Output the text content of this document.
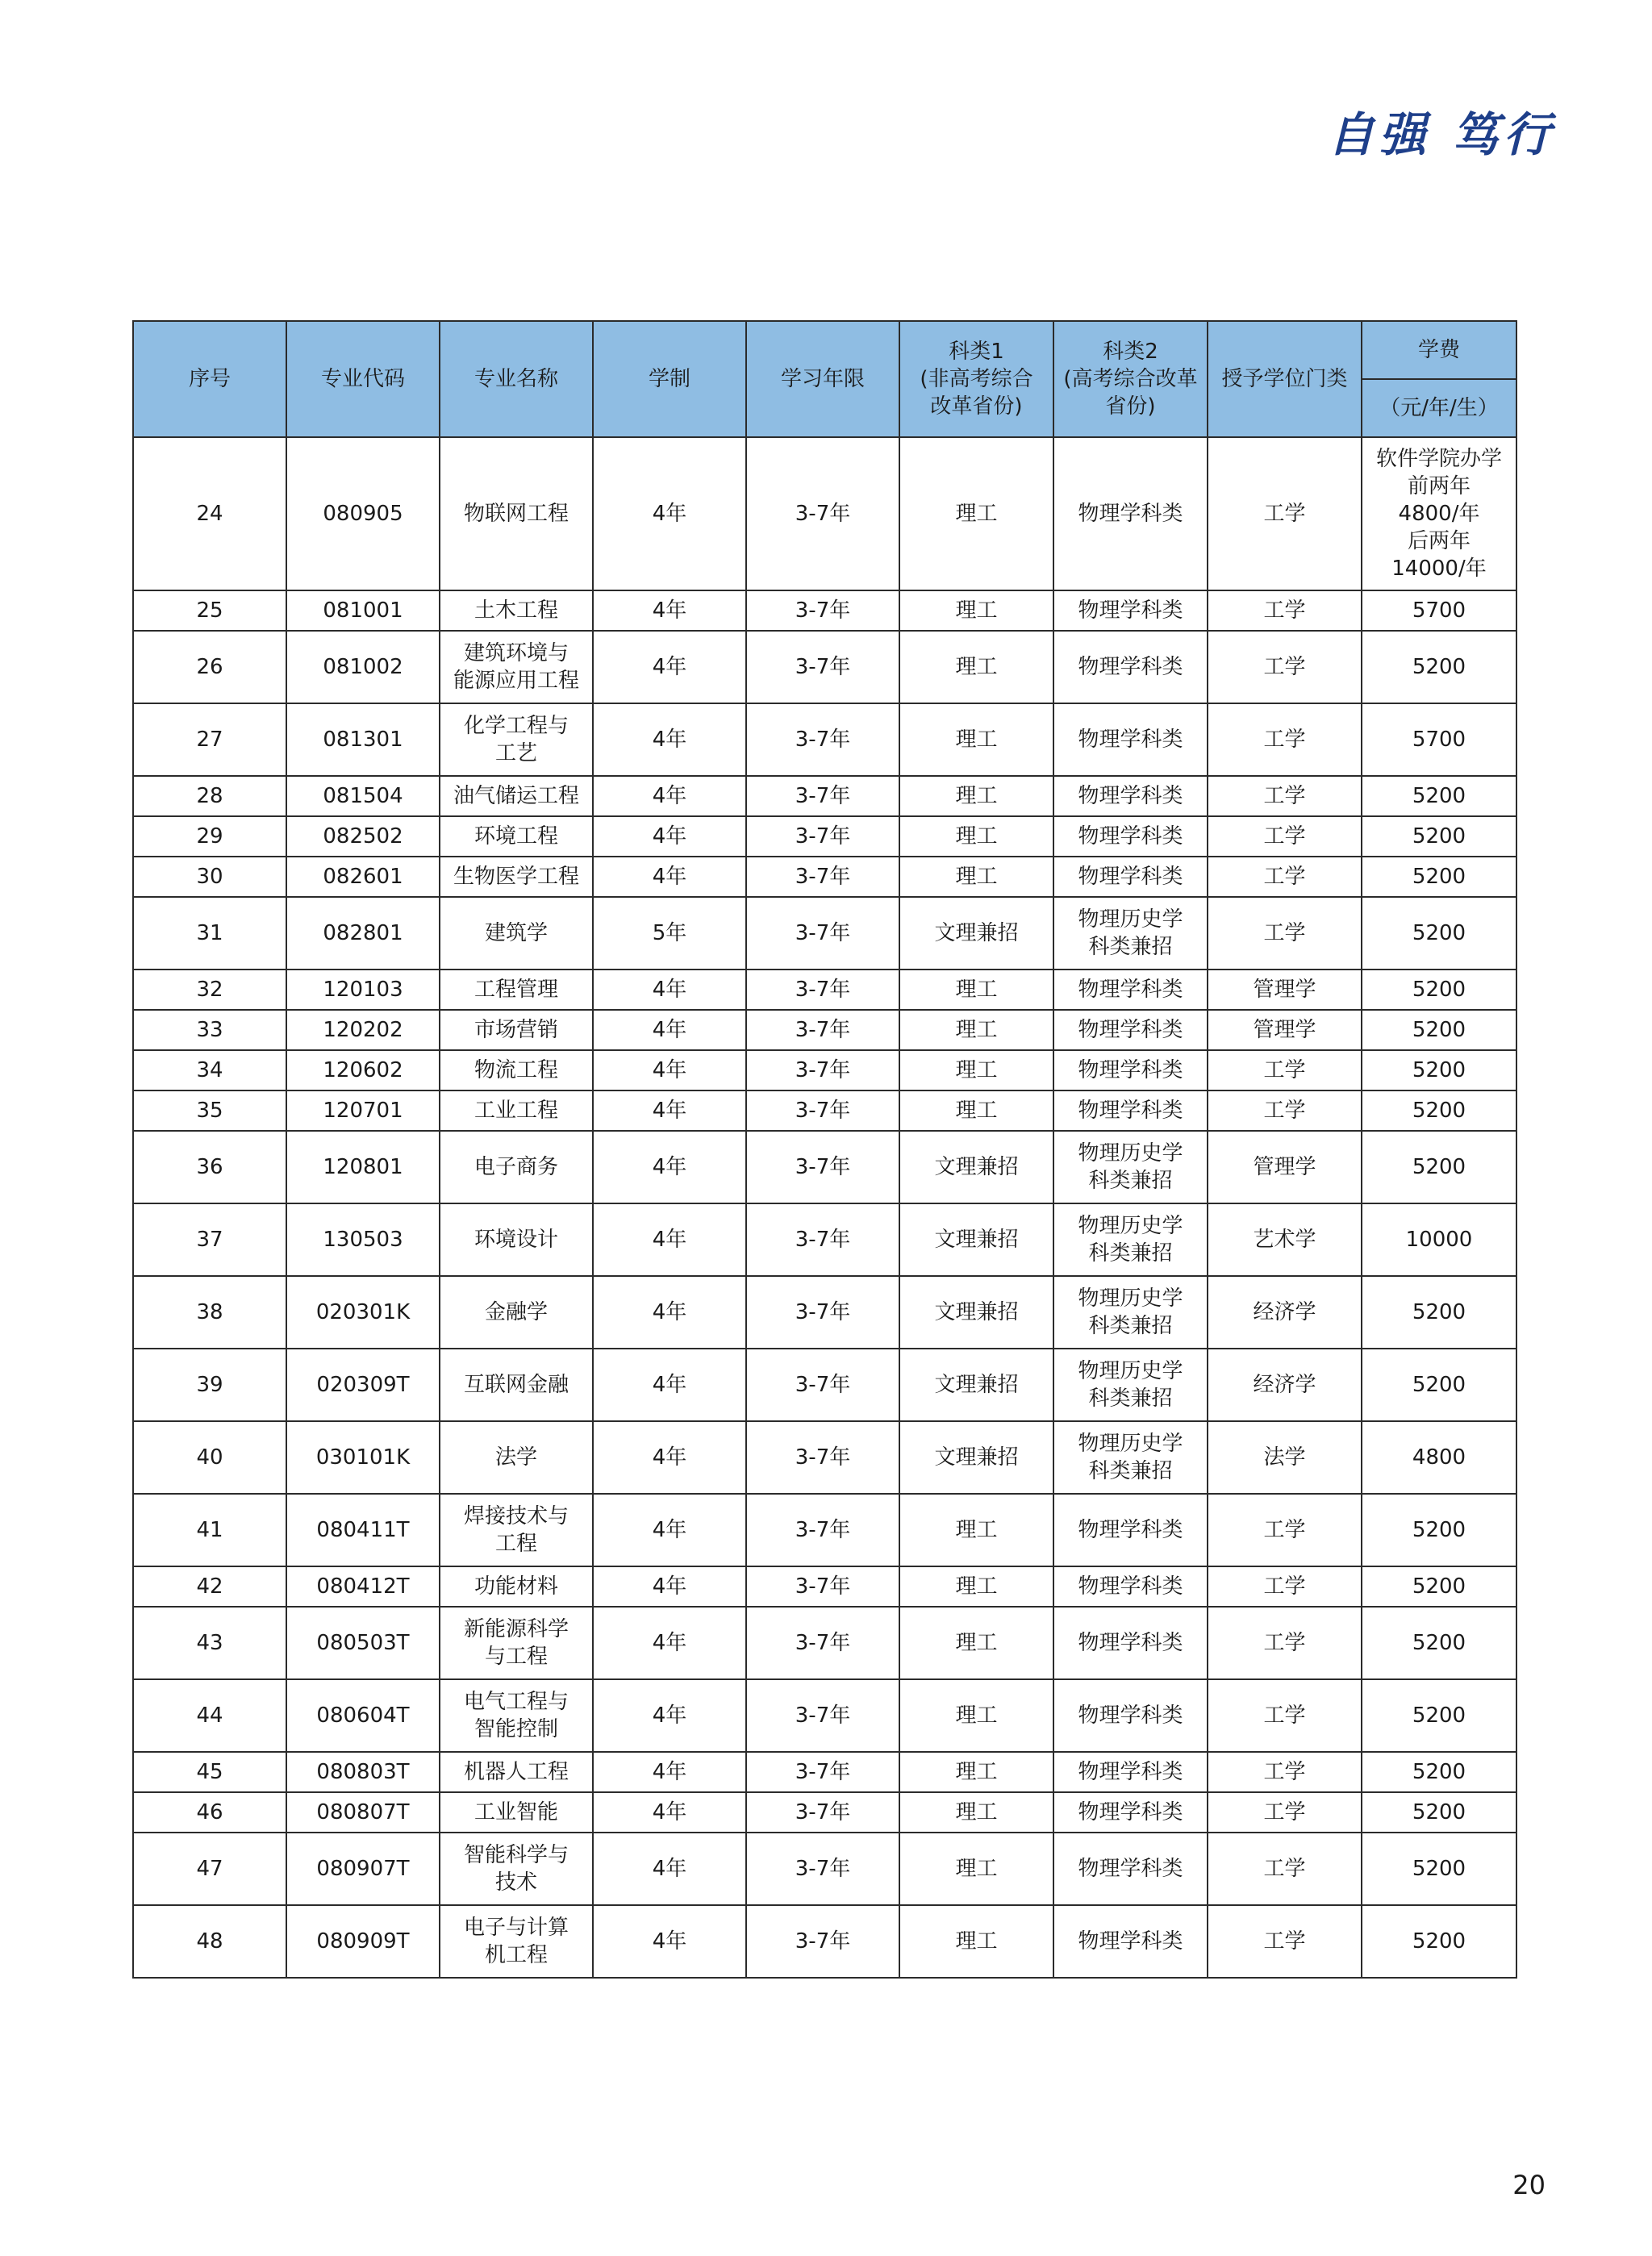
自强 笃行
序号	专业代码	专业名称	学制	学习年限	科类1
(非高考综合
改革省份)	科类2
(高考综合改革
省份)	授予学位门类	学费

								（元/年/生）

24	080905	物联网工程	4年	3-7年	理工	物理学科类	工学	软件学院办学
前两年
4800/年
后两年
14000/年

25	081001	土木工程	4年	3-7年	理工	物理学科类	工学	5700

26	081002	建筑环境与
能源应用工程	4年	3-7年	理工	物理学科类	工学	5200

27	081301	化学工程与
工艺	4年	3-7年	理工	物理学科类	工学	5700

28	081504	油气储运工程	4年	3-7年	理工	物理学科类	工学	5200

29	082502	环境工程	4年	3-7年	理工	物理学科类	工学	5200

30	082601	生物医学工程	4年	3-7年	理工	物理学科类	工学	5200

31	082801	建筑学	5年	3-7年	文理兼招	物理历史学
科类兼招	工学	5200

32	120103	工程管理	4年	3-7年	理工	物理学科类	管理学	5200

33	120202	市场营销	4年	3-7年	理工	物理学科类	管理学	5200

34	120602	物流工程	4年	3-7年	理工	物理学科类	工学	5200

35	120701	工业工程	4年	3-7年	理工	物理学科类	工学	5200

36	120801	电子商务	4年	3-7年	文理兼招	物理历史学
科类兼招	管理学	5200

37	130503	环境设计	4年	3-7年	文理兼招	物理历史学
科类兼招	艺术学	10000

38	020301K	金融学	4年	3-7年	文理兼招	物理历史学
科类兼招	经济学	5200

39	020309T	互联网金融	4年	3-7年	文理兼招	物理历史学
科类兼招	经济学	5200

40	030101K	法学	4年	3-7年	文理兼招	物理历史学
科类兼招	法学	4800

41	080411T	焊接技术与
工程	4年	3-7年	理工	物理学科类	工学	5200

42	080412T	功能材料	4年	3-7年	理工	物理学科类	工学	5200

43	080503T	新能源科学
与工程	4年	3-7年	理工	物理学科类	工学	5200

44	080604T	电气工程与
智能控制	4年	3-7年	理工	物理学科类	工学	5200

45	080803T	机器人工程	4年	3-7年	理工	物理学科类	工学	5200

46	080807T	工业智能	4年	3-7年	理工	物理学科类	工学	5200

47	080907T	智能科学与
技术	4年	3-7年	理工	物理学科类	工学	5200

48	080909T	电子与计算
机工程	4年	3-7年	理工	物理学科类	工学	5200
20
